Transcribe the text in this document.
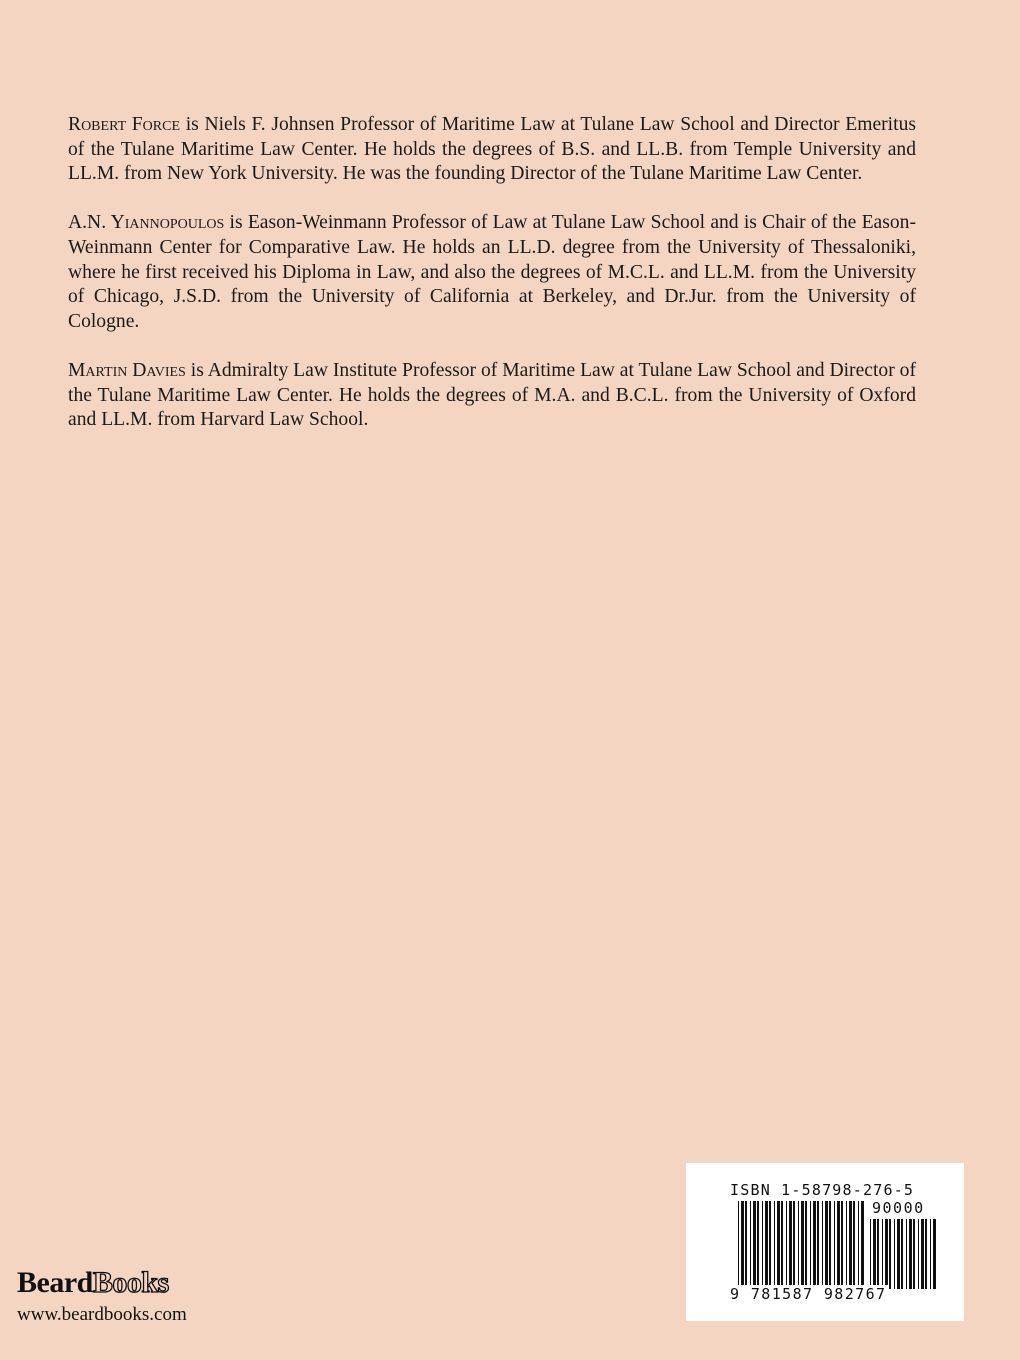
Robert Force is Niels F. Johnsen Professor of Maritime Law at Tulane Law School and Director Emeritus of the Tulane Maritime Law Center. He holds the degrees of B.S. and LL.B. from Temple University and LL.M. from New York University. He was the founding Director of the Tulane Maritime Law Center.

A.N. Yiannopoulos is Eason-Weinmann Professor of Law at Tulane Law School and is Chair of the Eason-Weinmann Center for Comparative Law. He holds an LL.D. degree from the University of Thessaloniki, where he first received his Diploma in Law, and also the degrees of M.C.L. and LL.M. from the University of Chicago, J.S.D. from the University of California at Berkeley, and Dr.Jur. from the University of Cologne.

Martin Davies is Admiralty Law Institute Professor of Maritime Law at Tulane Law School and Director of the Tulane Maritime Law Center. He holds the degrees of M.A. and B.C.L. from the University of Oxford and LL.M. from Harvard Law School.

Beard Books
www.beardbooks.com
ISBN 1-58798-276-5
90000
9 781587 982767
